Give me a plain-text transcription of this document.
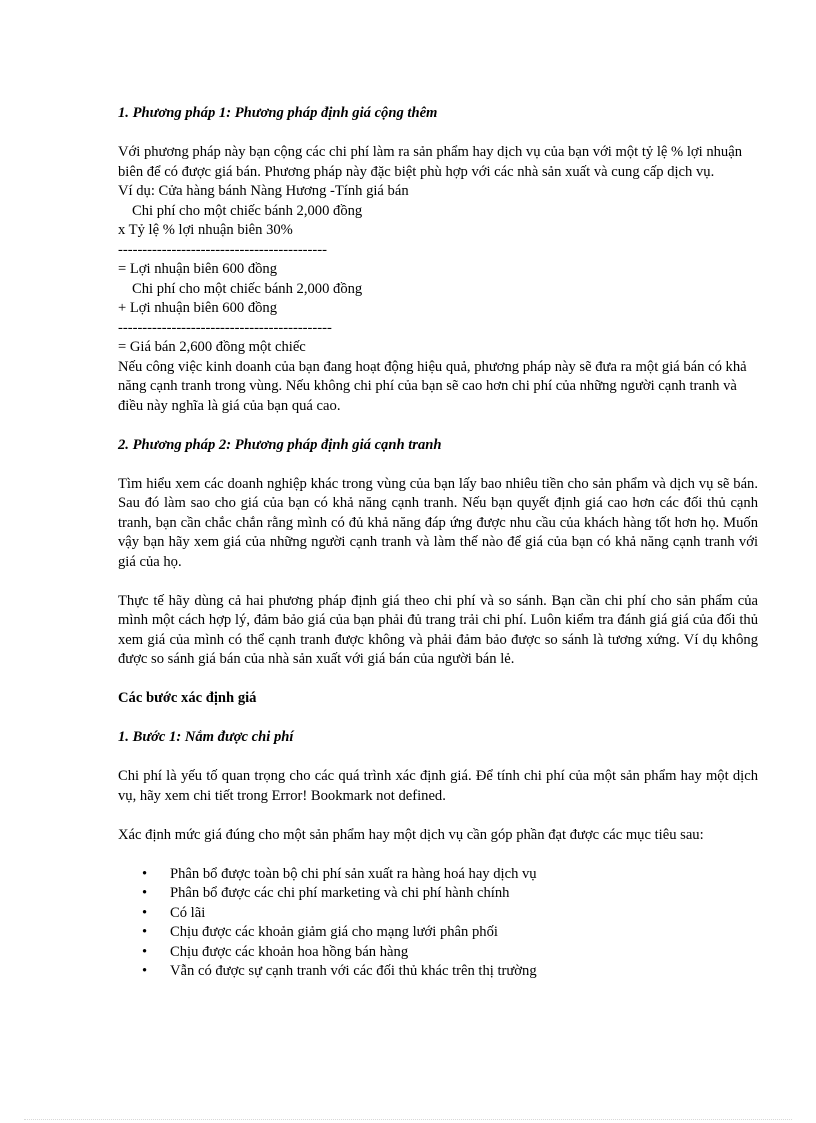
1. Phương pháp 1: Phương pháp định giá cộng thêm

Với phương pháp này bạn cộng các chi phí làm ra sản phẩm hay dịch vụ của bạn với một tỷ lệ % lợi nhuận biên để có được giá bán. Phương pháp này đặc biệt phù hợp với các nhà sản xuất và cung cấp dịch vụ.

Ví dụ: Cửa hàng bánh Nàng Hương -Tính giá bán

Chi phí cho một chiếc bánh 2,000 đồng

x Tỷ lệ % lợi nhuận biên 30%

-------------------------------------------

= Lợi nhuận biên 600 đồng

Chi phí cho một chiếc bánh 2,000 đồng

+ Lợi nhuận biên 600 đồng

--------------------------------------------

= Giá bán 2,600 đồng một chiếc

Nếu công việc kinh doanh của bạn đang hoạt động hiệu quả, phương pháp này sẽ đưa ra một giá bán có khả năng cạnh tranh trong vùng. Nếu không chi phí của bạn sẽ cao hơn chi phí của những người cạnh tranh và điều này nghĩa là giá của bạn quá cao.

2. Phương pháp 2: Phương pháp định giá cạnh tranh

Tìm hiểu xem các doanh nghiệp khác trong vùng của bạn lấy bao nhiêu tiền cho sản phẩm và dịch vụ sẽ bán. Sau đó làm sao cho giá của bạn có khả năng cạnh tranh. Nếu bạn quyết định giá cao hơn các đối thủ cạnh tranh, bạn cần chắc chắn rằng mình có đủ khả năng đáp ứng được nhu cầu của khách hàng tốt hơn họ. Muốn vậy bạn hãy xem giá của những người cạnh tranh và làm thế nào để giá của bạn có khả năng cạnh tranh với giá của họ.

Thực tế hãy dùng cả hai phương pháp định giá theo chi phí và so sánh. Bạn cần chi phí cho sản phẩm của mình một cách hợp lý, đảm bảo giá của bạn phải đủ trang trải chi phí. Luôn kiểm tra đánh giá giá của đối thủ xem giá của mình có thể cạnh tranh được không và phải đảm bảo được so sánh là tương xứng. Ví dụ không được so sánh giá bán của nhà sản xuất với giá bán của người bán lẻ.

Các bước xác định giá
1. Bước 1: Nắm được chi phí

Chi phí là yếu tố quan trọng cho các quá trình xác định giá. Để tính chi phí của một sản phẩm hay một dịch vụ, hãy xem chi tiết trong Error! Bookmark not defined.

Xác định mức giá đúng cho một sản phẩm hay một dịch vụ cần góp phần đạt được các mục tiêu sau:

• Phân bổ được toàn bộ chi phí sản xuất ra hàng hoá hay dịch vụ
• Phân bổ được các chi phí marketing và chi phí hành chính
• Có lãi
• Chịu được các khoản giảm giá cho mạng lưới phân phối
• Chịu được các khoản hoa hồng bán hàng
• Vẫn có được sự cạnh tranh với các đối thủ khác trên thị trường
